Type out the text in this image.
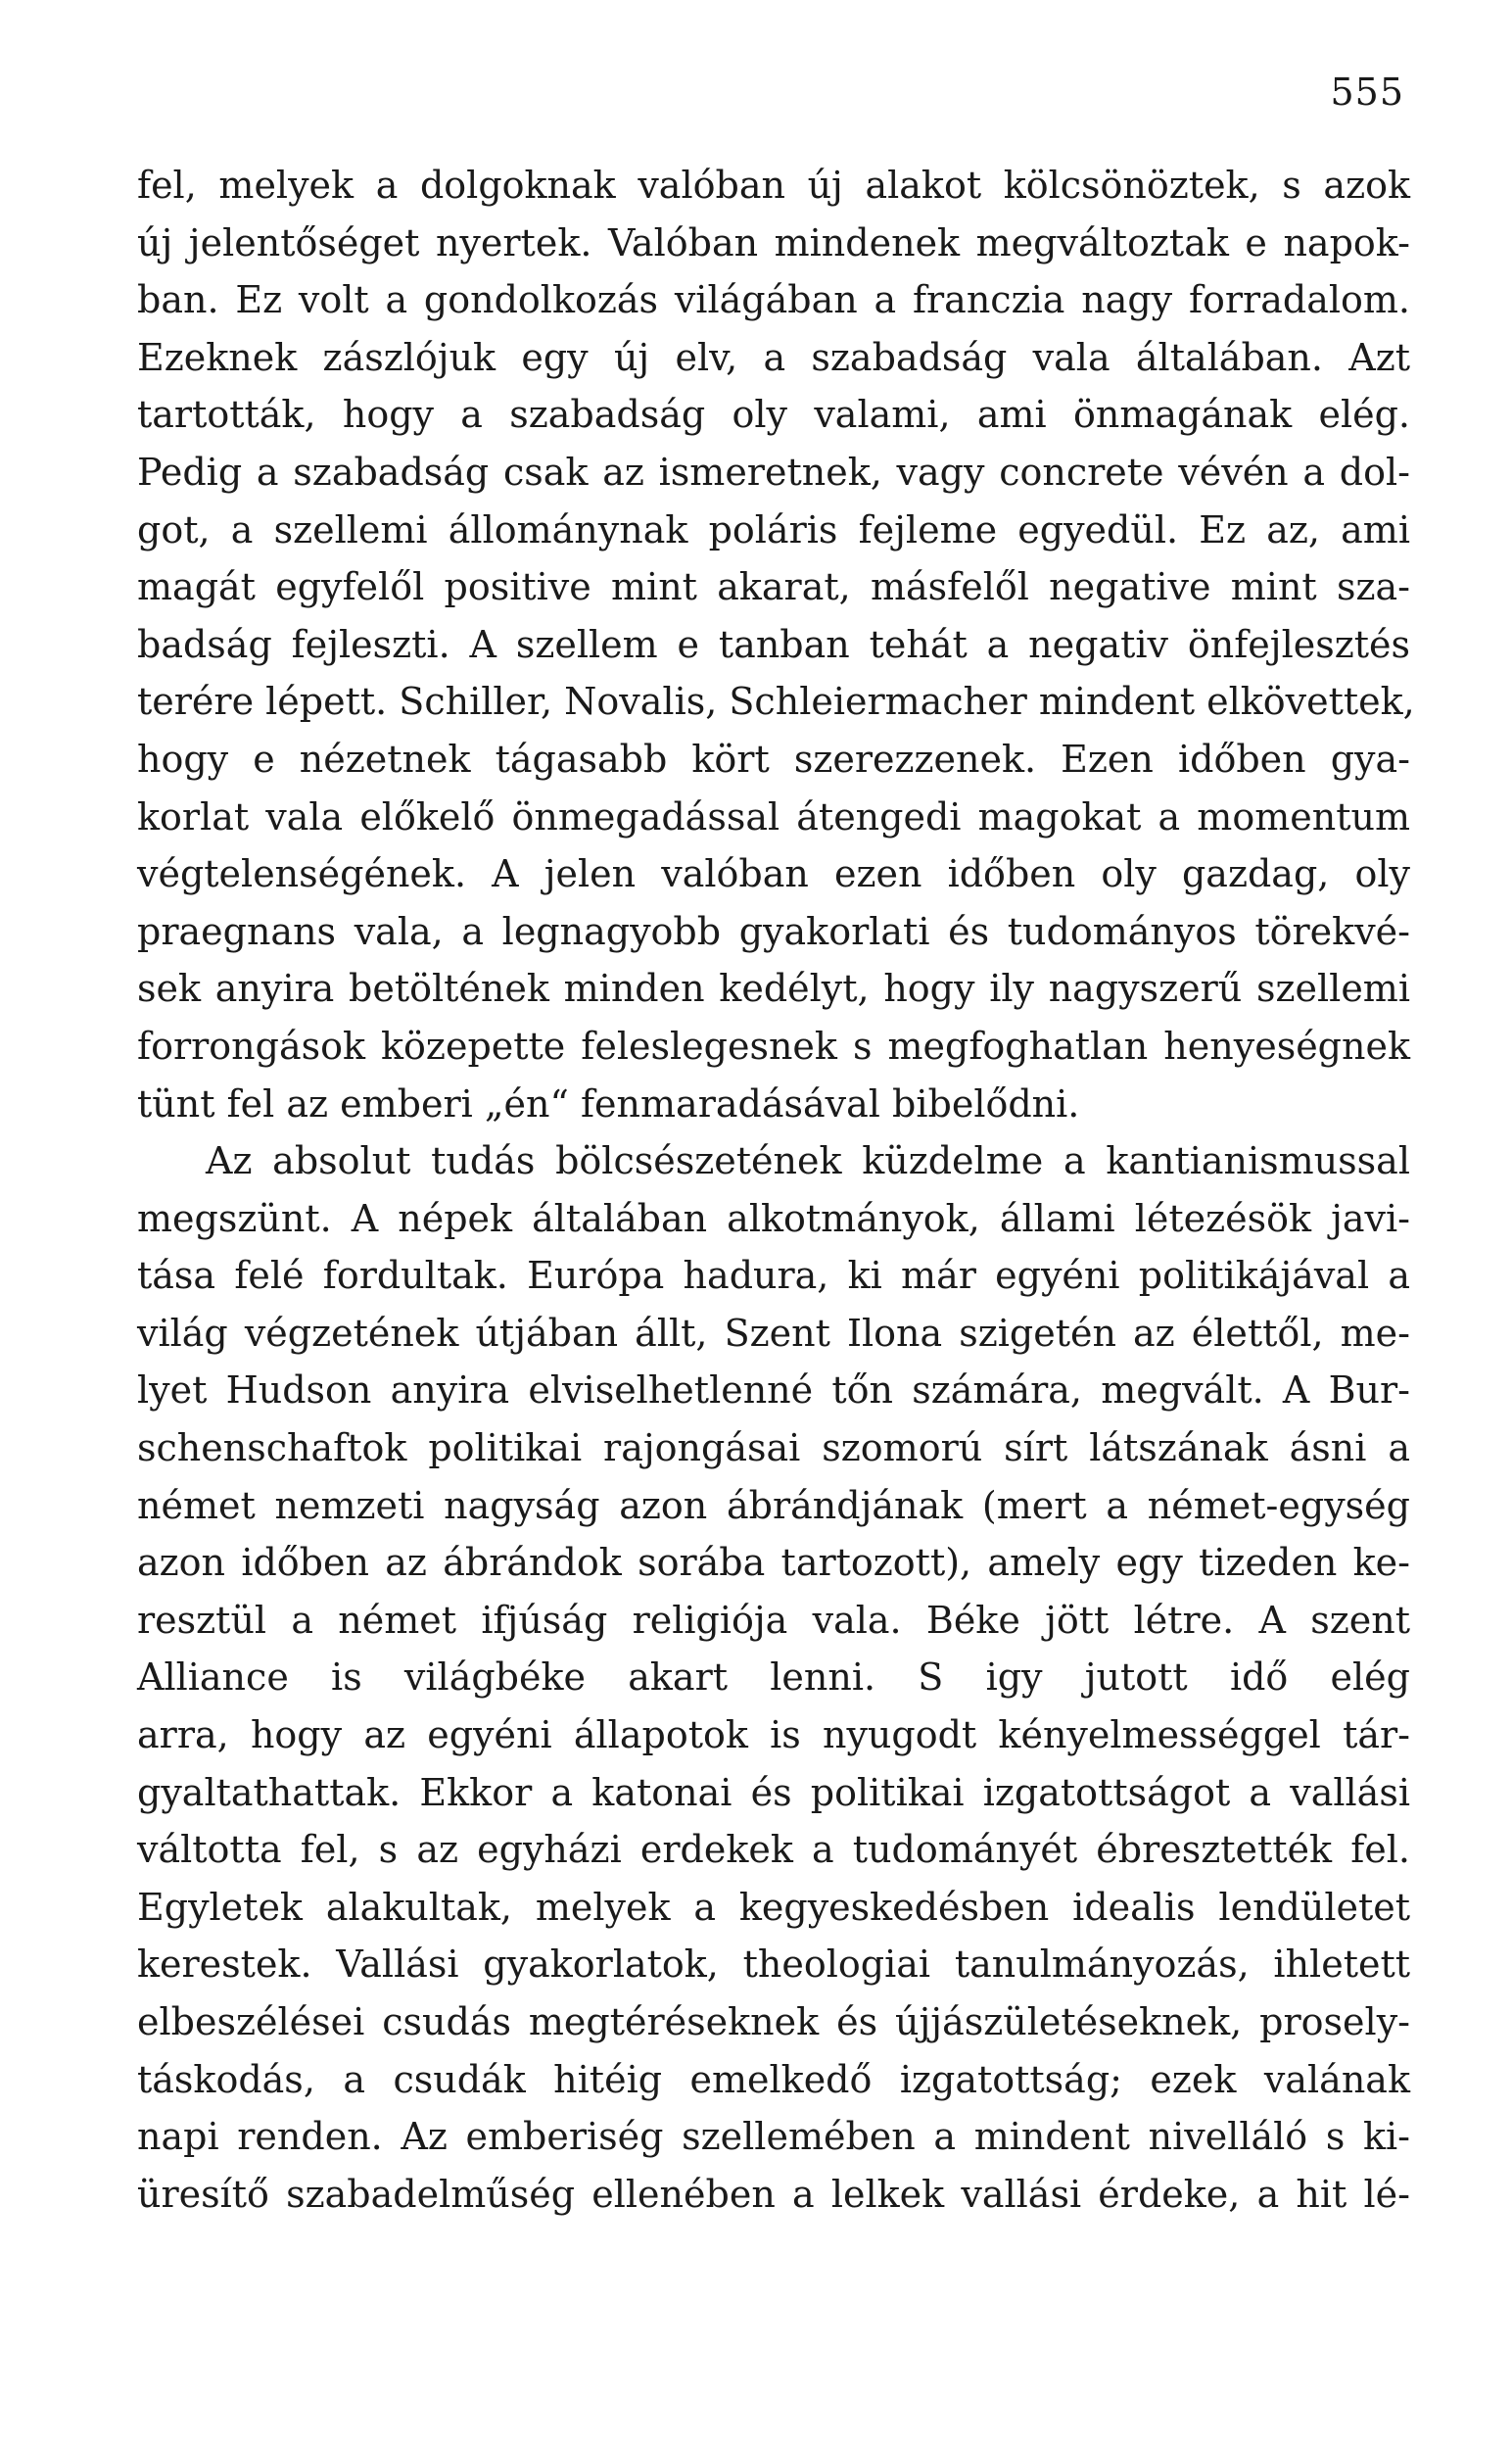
555
fel, melyek a dolgoknak valóban új alakot kölcsönöztek, s azok
új jelentőséget nyertek. Valóban mindenek megváltoztak e napok-
ban. Ez volt a gondolkozás világában a franczia nagy forradalom.
Ezeknek zászlójuk egy új elv, a szabadság vala általában. Azt
tartották, hogy a szabadság oly valami, ami önmagának elég.
Pedig a szabadság csak az ismeretnek, vagy concrete vévén a dol-
got, a szellemi állománynak poláris fejleme egyedül. Ez az, ami
magát egyfelől positive mint akarat, másfelől negative mint sza-
badság fejleszti. A szellem e tanban tehát a negativ önfejlesztés
terére lépett. Schiller, Novalis, Schleiermacher mindent elkövettek,
hogy e nézetnek tágasabb kört szerezzenek. Ezen időben gya-
korlat vala előkelő önmegadással átengedi magokat a momentum
végtelenségének. A jelen valóban ezen időben oly gazdag, oly
praegnans vala, a legnagyobb gyakorlati és tudományos törekvé-
sek anyira betöltének minden kedélyt, hogy ily nagyszerű szellemi
forrongások közepette feleslegesnek s megfoghatlan henyeségnek
tünt fel az emberi „én“ fenmaradásával bibelődni.
Az absolut tudás bölcsészetének küzdelme a kantianismussal
megszünt. A népek általában alkotmányok, állami létezésök javi-
tása felé fordultak. Európa hadura, ki már egyéni politikájával a
világ végzetének útjában állt, Szent Ilona szigetén az élettől, me-
lyet Hudson anyira elviselhetlenné tőn számára, megvált. A Bur-
schenschaftok politikai rajongásai szomorú sírt látszának ásni a
német nemzeti nagyság azon ábrándjának (mert a német-egység
azon időben az ábrándok sorába tartozott), amely egy tizeden ke-
resztül a német ifjúság religiója vala. Béke jött létre. A szent
Alliance is világbéke akart lenni. S igy jutott idő elég
arra, hogy az egyéni állapotok is nyugodt kényelmességgel tár-
gyaltathattak. Ekkor a katonai és politikai izgatottságot a vallási
váltotta fel, s az egyházi erdekek a tudományét ébresztették fel.
Egyletek alakultak, melyek a kegyeskedésben idealis lendületet
kerestek. Vallási gyakorlatok, theologiai tanulmányozás, ihletett
elbeszélései csudás megtéréseknek és újjászületéseknek, prosely-
táskodás, a csudák hitéig emelkedő izgatottság; ezek valának
napi renden. Az emberiség szellemében a mindent nivelláló s ki-
üresítő szabadelműség ellenében a lelkek vallási érdeke, a hit lé-
